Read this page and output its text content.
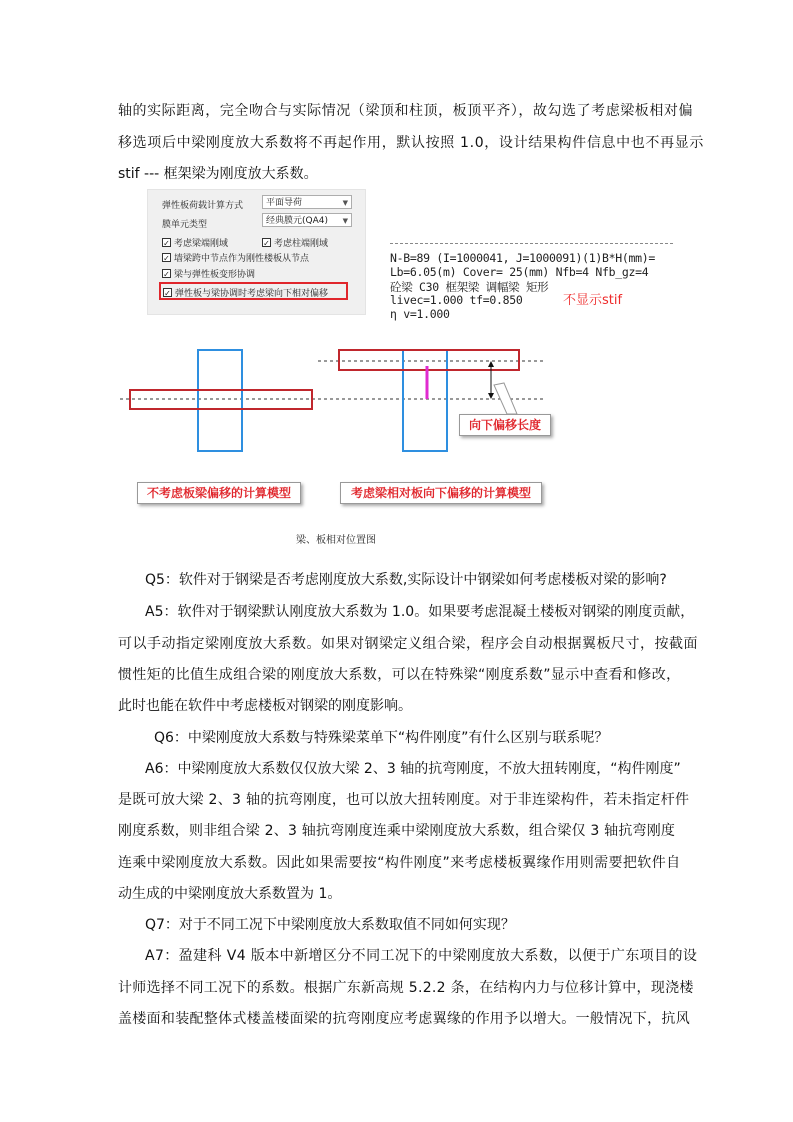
轴的实际距离，完全吻合与实际情况（梁顶和柱顶，板顶平齐），故勾选了考虑梁板相对偏
移选项后中梁刚度放大系数将不再起作用，默认按照 1.0，设计结果构件信息中也不再显示
stif --- 框架梁为刚度放大系数。
弹性板荷载计算方式	平面导荷	▼
膜单元类型	经典膜元(QA4) ▼
✓ 考虑梁端刚域	✓ 考虑柱端刚域
✓ 墙梁跨中节点作为刚性楼板从节点
✓ 梁与弹性板变形协调
✓ 弹性板与梁协调时考虑梁向下相对偏移
N-B=89 (I=1000041, J=1000091)(1)B*H(mm)=
Lb=6.05(m) Cover= 25(mm) Nfb=4 Nfb_gz=4
砼梁 C30 框架梁 调幅梁 矩形
livec=1.000 tf=0.850
η v=1.000
不显示stif
向下偏移长度
不考虑板梁偏移的计算模型	考虑梁相对板向下偏移的计算模型
梁、板相对位置图
Q5：软件对于钢梁是否考虑刚度放大系数,实际设计中钢梁如何考虑楼板对梁的影响?
A5：软件对于钢梁默认刚度放大系数为 1.0。如果要考虑混凝土楼板对钢梁的刚度贡献，
可以手动指定梁刚度放大系数。如果对钢梁定义组合梁，程序会自动根据翼板尺寸，按截面
惯性矩的比值生成组合梁的刚度放大系数，可以在特殊梁“刚度系数”显示中查看和修改，
此时也能在软件中考虑楼板对钢梁的刚度影响。
Q6：中梁刚度放大系数与特殊梁菜单下“构件刚度”有什么区别与联系呢？
A6：中梁刚度放大系数仅仅放大梁 2、3 轴的抗弯刚度，不放大扭转刚度，“构件刚度”
是既可放大梁 2、3 轴的抗弯刚度，也可以放大扭转刚度。对于非连梁构件，若未指定杆件
刚度系数，则非组合梁 2、3 轴抗弯刚度连乘中梁刚度放大系数，组合梁仅 3 轴抗弯刚度
连乘中梁刚度放大系数。因此如果需要按“构件刚度”来考虑楼板翼缘作用则需要把软件自
动生成的中梁刚度放大系数置为 1。
Q7：对于不同工况下中梁刚度放大系数取值不同如何实现？
A7：盈建科 V4 版本中新增区分不同工况下的中梁刚度放大系数，以便于广东项目的设
计师选择不同工况下的系数。根据广东新高规 5.2.2 条，在结构内力与位移计算中，现浇楼
盖楼面和装配整体式楼盖楼面梁的抗弯刚度应考虑翼缘的作用予以增大。一般情况下，抗风
